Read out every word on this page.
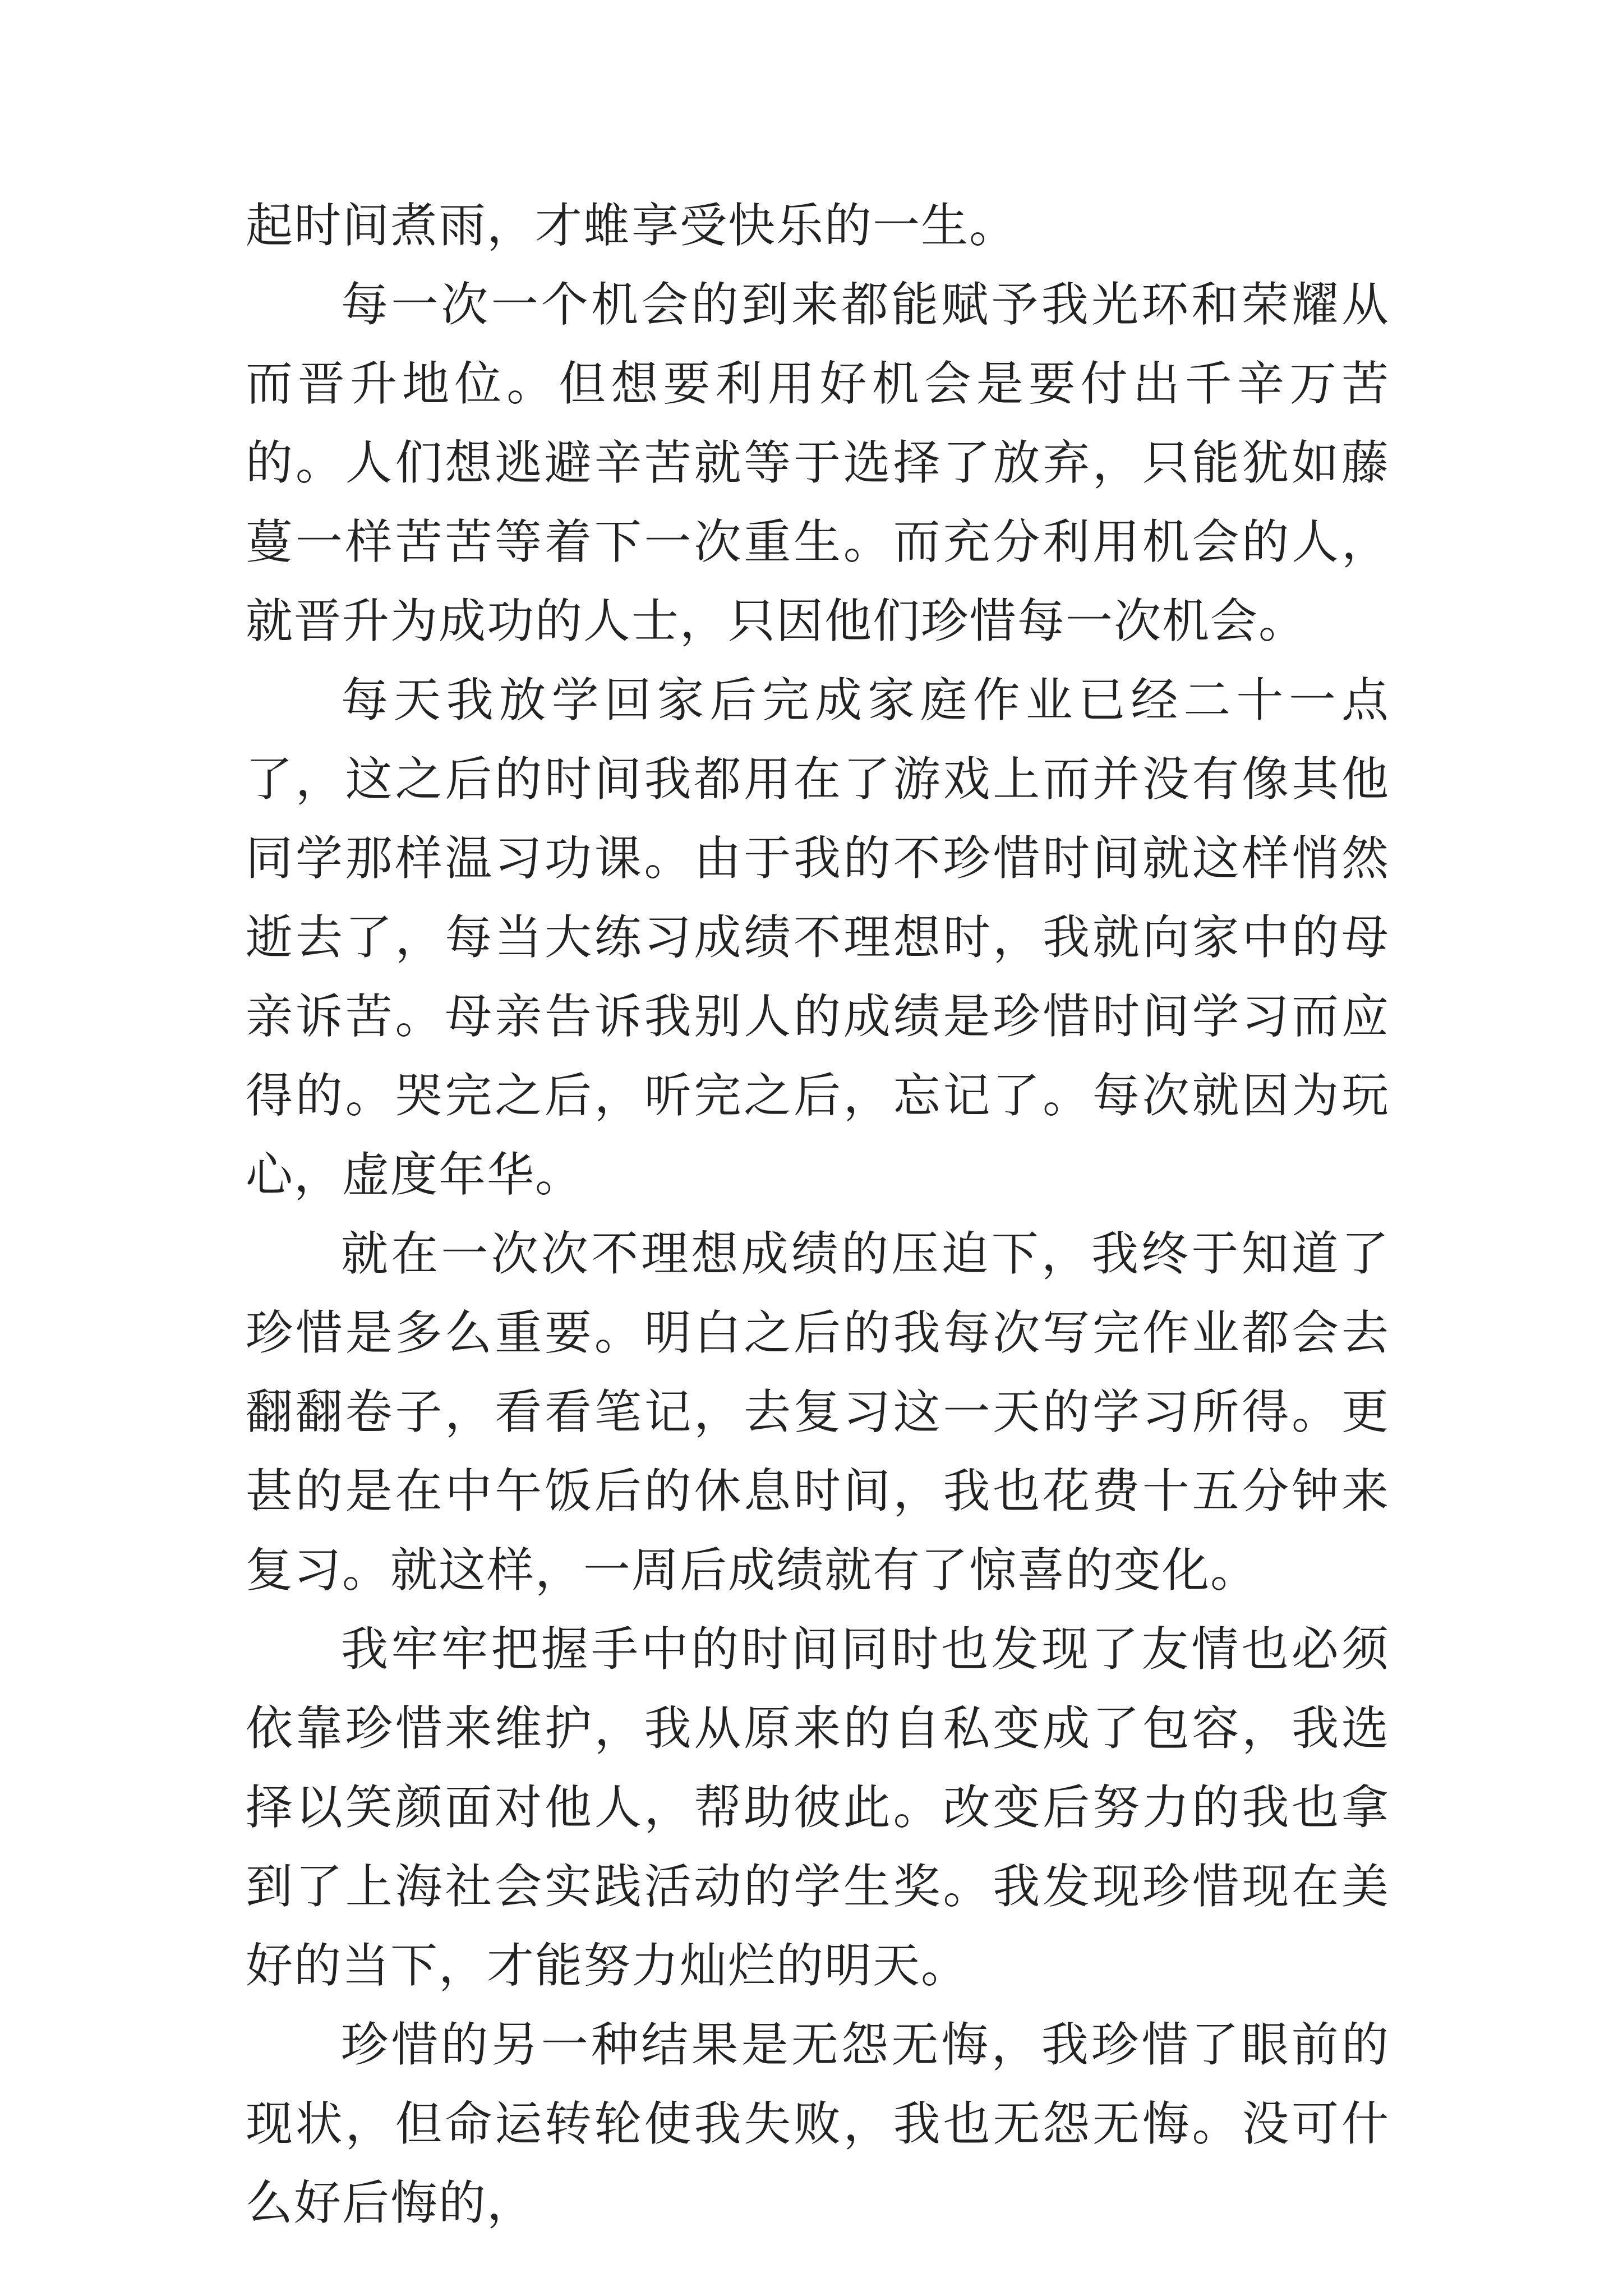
起时间煮雨，才蜼享受快乐的一生。

每一次一个机会的到来都能赋予我光环和荣耀从而晋升地位。但想要利用好机会是要付出千辛万苦的。人们想逃避辛苦就等于选择了放弃，只能犹如藤蔓一样苦苦等着下一次重生。而充分利用机会的人，就晋升为成功的人士，只因他们珍惜每一次机会。

每天我放学回家后完成家庭作业已经二十一点了，这之后的时间我都用在了游戏上而并没有像其他同学那样温习功课。由于我的不珍惜时间就这样悄然逝去了，每当大练习成绩不理想时，我就向家中的母亲诉苦。母亲告诉我别人的成绩是珍惜时间学习而应得的。哭完之后，听完之后，忘记了。每次就因为玩心，虚度年华。

就在一次次不理想成绩的压迫下，我终于知道了珍惜是多么重要。明白之后的我每次写完作业都会去翻翻卷子，看看笔记，去复习这一天的学习所得。更甚的是在中午饭后的休息时间，我也花费十五分钟来复习。就这样，一周后成绩就有了惊喜的变化。

我牢牢把握手中的时间同时也发现了友情也必须依靠珍惜来维护，我从原来的自私变成了包容，我选择以笑颜面对他人，帮助彼此。改变后努力的我也拿到了上海社会实践活动的学生奖。我发现珍惜现在美好的当下，才能努力灿烂的明天。

珍惜的另一种结果是无怨无悔，我珍惜了眼前的现状，但命运转轮使我失败，我也无怨无悔。没可什么好后悔的，
